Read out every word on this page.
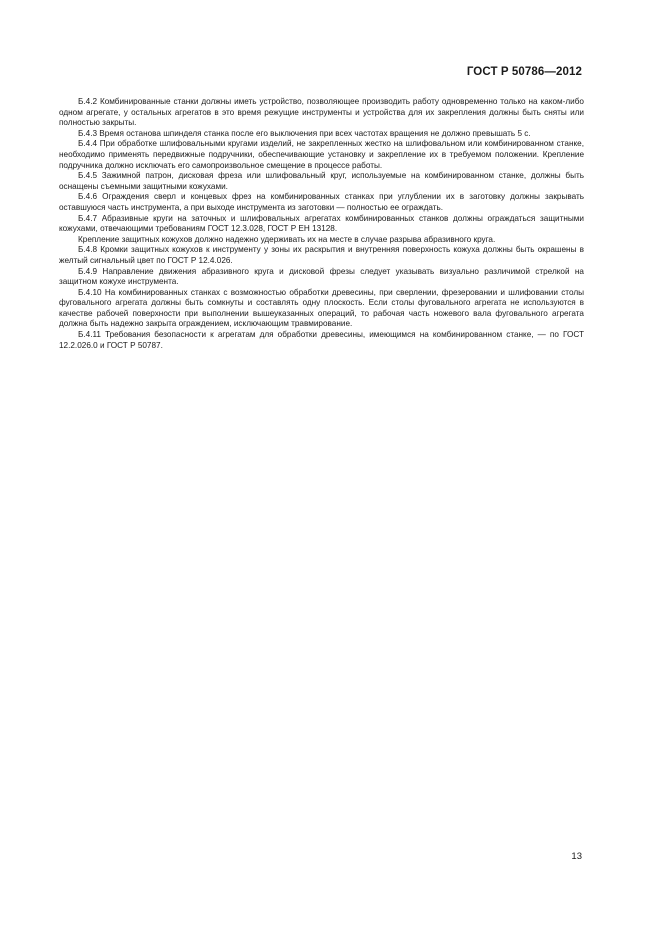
ГОСТ Р 50786—2012

Б.4.2 Комбинированные станки должны иметь устройство, позволяющее производить работу одновременно только на каком-либо одном агрегате, у остальных агрегатов в это время режущие инструменты и устройства для их закрепления должны быть сняты или полностью закрыты.

Б.4.3 Время останова шпинделя станка после его выключения при всех частотах вращения не должно превышать 5 с.

Б.4.4 При обработке шлифовальными кругами изделий, не закрепленных жестко на шлифовальном или комбинированном станке, необходимо применять передвижные подручники, обеспечивающие установку и закрепление их в требуемом положении. Крепление подручника должно исключать его самопроизвольное смещение в процессе работы.

Б.4.5 Зажимной патрон, дисковая фреза или шлифовальный круг, используемые на комбинированном станке, должны быть оснащены съемными защитными кожухами.

Б.4.6 Ограждения сверл и концевых фрез на комбинированных станках при углублении их в заготовку должны закрывать оставшуюся часть инструмента, а при выходе инструмента из заготовки — полностью ее ограждать.

Б.4.7 Абразивные круги на заточных и шлифовальных агрегатах комбинированных станков должны ограждаться защитными кожухами, отвечающими требованиям ГОСТ 12.3.028, ГОСТ Р ЕН 13128.

Крепление защитных кожухов должно надежно удерживать их на месте в случае разрыва абразивного круга.

Б.4.8 Кромки защитных кожухов к инструменту у зоны их раскрытия и внутренняя поверхность кожуха должны быть окрашены в желтый сигнальный цвет по ГОСТ Р 12.4.026.

Б.4.9 Направление движения абразивного круга и дисковой фрезы следует указывать визуально различимой стрелкой на защитном кожухе инструмента.

Б.4.10 На комбинированных станках с возможностью обработки древесины, при сверлении, фрезеровании и шлифовании столы фуговального агрегата должны быть сомкнуты и составлять одну плоскость. Если столы фуговального агрегата не используются в качестве рабочей поверхности при выполнении вышеуказанных операций, то рабочая часть ножевого вала фуговального агрегата должна быть надежно закрыта ограждением, исключающим травмирование.

Б.4.11 Требования безопасности к агрегатам для обработки древесины, имеющимся на комбинированном станке, — по ГОСТ 12.2.026.0 и ГОСТ Р 50787.

13
